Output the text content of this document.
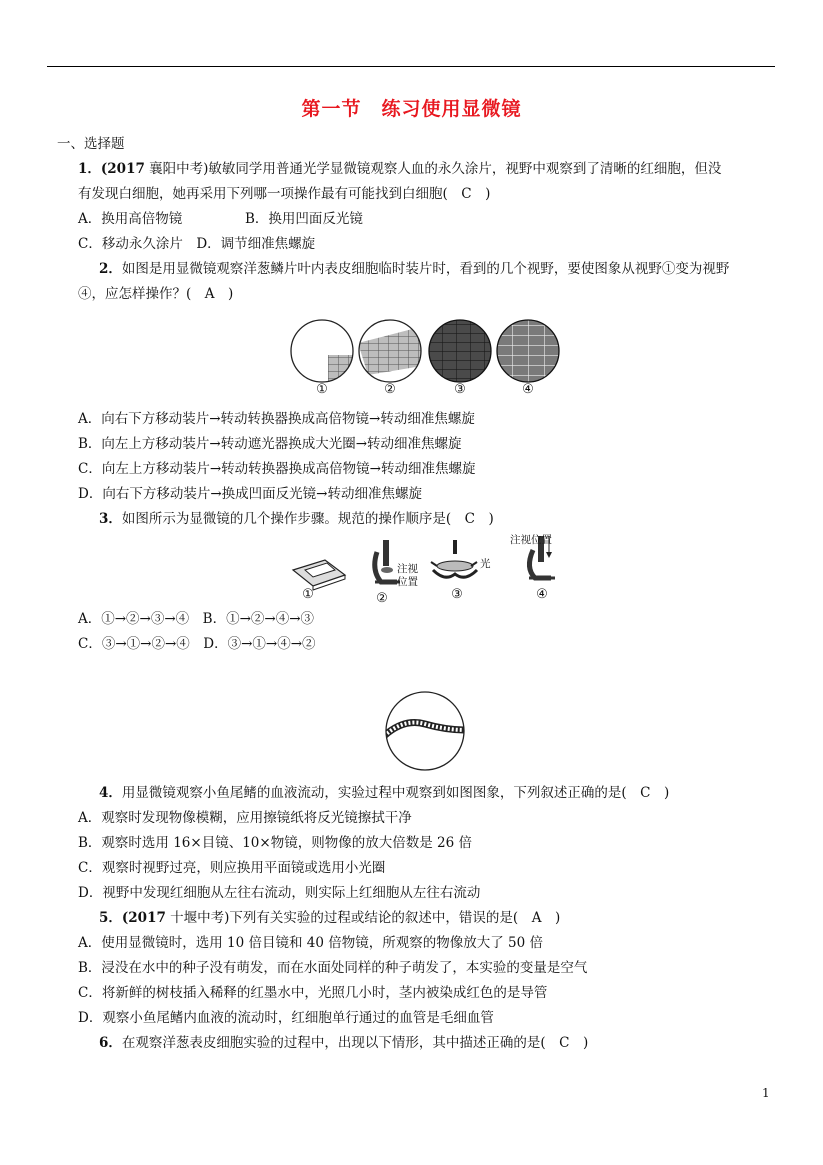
第一节　练习使用显微镜
一、选择题
1．(2017 襄阳中考)敏敏同学用普通光学显微镜观察人血的永久涂片，视野中观察到了清晰的红细胞，但没
有发现白细胞，她再采用下列哪一项操作最有可能找到白细胞(　C　)
A．换用高倍物镜	B．换用凹面反光镜
C．移动永久涂片　D．调节细准焦螺旋
2．如图是用显微镜观察洋葱鳞片叶内表皮细胞临时装片时，看到的几个视野，要使图象从视野①变为视野
④，应怎样操作？(　A　)
①	②	③	④
A．向右下方移动装片→转动转换器换成高倍物镜→转动细准焦螺旋
B．向左上方移动装片→转动遮光器换成大光圈→转动细准焦螺旋
C．向左上方移动装片→转动转换器换成高倍物镜→转动细准焦螺旋
D．向右下方移动装片→换成凹面反光镜→转动细准焦螺旋
3．如图所示为显微镜的几个操作步骤。规范的操作顺序是(　C　)
注视
位置
光
注视位置
①	②	③	④
A．①→②→③→④　B．①→②→④→③
C．③→①→②→④　D．③→①→④→②
4．用显微镜观察小鱼尾鳍的血液流动，实验过程中观察到如图图象，下列叙述正确的是(　C　)
A．观察时发现物像模糊，应用擦镜纸将反光镜擦拭干净
B．观察时选用 16×目镜、10×物镜，则物像的放大倍数是 26 倍
C．观察时视野过亮，则应换用平面镜或选用小光圈
D．视野中发现红细胞从左往右流动，则实际上红细胞从左往右流动
5．(2017 十堰中考)下列有关实验的过程或结论的叙述中，错误的是(　A　)
A．使用显微镜时，选用 10 倍目镜和 40 倍物镜，所观察的物像放大了 50 倍
B．浸没在水中的种子没有萌发，而在水面处同样的种子萌发了，本实验的变量是空气
C．将新鲜的树枝插入稀释的红墨水中，光照几小时，茎内被染成红色的是导管
D．观察小鱼尾鳍内血液的流动时，红细胞单行通过的血管是毛细血管
6．在观察洋葱表皮细胞实验的过程中，出现以下情形，其中描述正确的是(　C　)
1
